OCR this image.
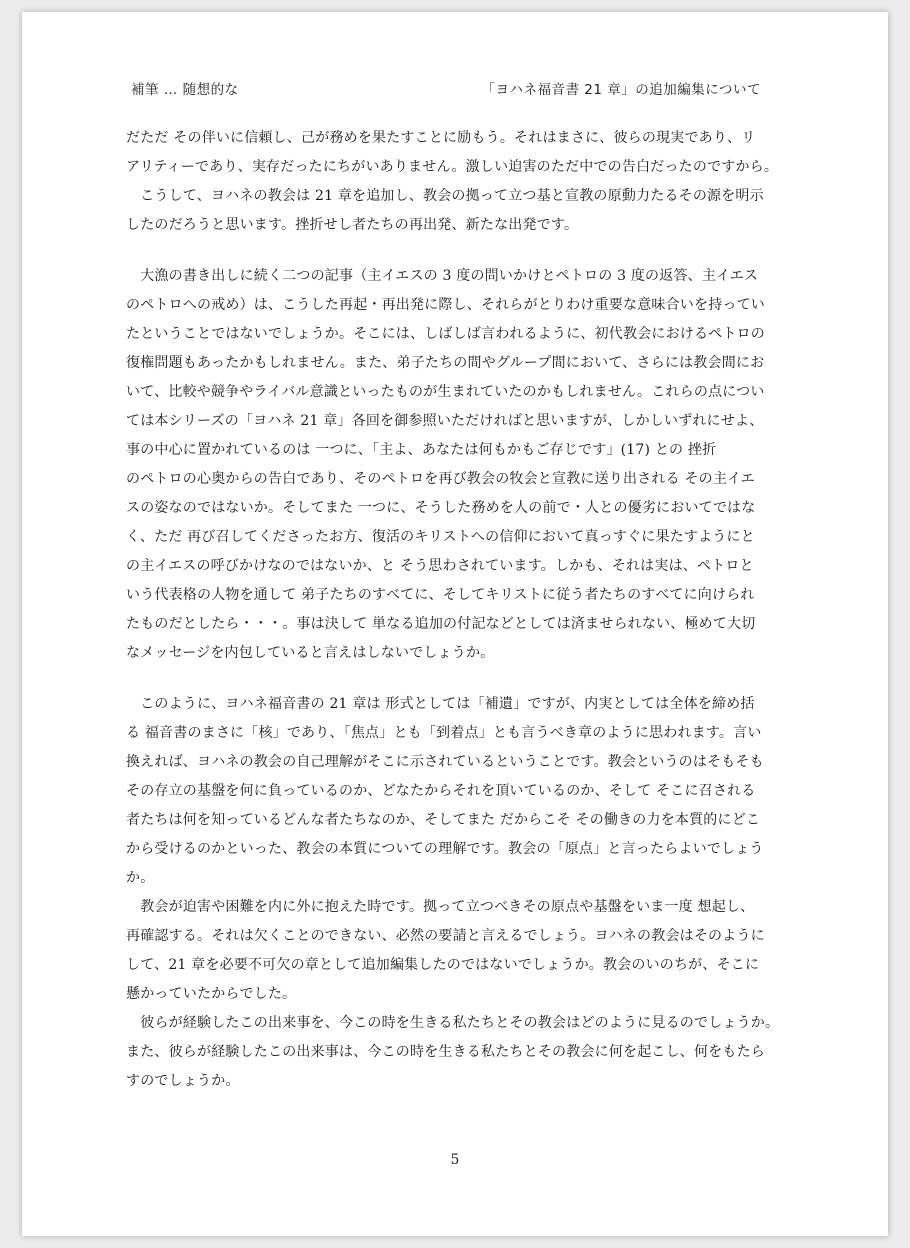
補筆 … 随想的な	「ヨハネ福音書 21 章」の追加編集について
だただ その伴いに信頼し、己が務めを果たすことに励もう。それはまさに、彼らの現実であり、リ
アリティーであり、実存だったにちがいありません。激しい迫害のただ中での告白だったのですから。
　こうして、ヨハネの教会は 21 章を追加し、教会の拠って立つ基と宣教の原動力たるその源を明示
したのだろうと思います。挫折せし者たちの再出発、新たな出発です。
　大漁の書き出しに続く二つの記事（主イエスの 3 度の問いかけとペトロの 3 度の返答、主イエス
のペトロへの戒め）は、こうした再起・再出発に際し、それらがとりわけ重要な意味合いを持ってい
たということではないでしょうか。そこには、しばしば言われるように、初代教会におけるペトロの
復権問題もあったかもしれません。また、弟子たちの間やグループ間において、さらには教会間にお
いて、比較や競争やライバル意識といったものが生まれていたのかもしれません。これらの点につい
ては本シリーズの「ヨハネ 21 章」各回を御参照いただければと思いますが、しかしいずれにせよ、
事の中心に置かれているのは 一つに、「主よ、あなたは何もかもご存じです」(17) との 挫折
のペトロの心奥からの告白であり、そのペトロを再び教会の牧会と宣教に送り出される その主イエ
スの姿なのではないか。そしてまた 一つに、そうした務めを人の前で・人との優劣においてではな
く、ただ 再び召してくださったお方、復活のキリストへの信仰において真っすぐに果たすようにと
の主イエスの呼びかけなのではないか、と そう思わされています。しかも、それは実は、ペトロと
いう代表格の人物を通して 弟子たちのすべてに、そしてキリストに従う者たちのすべてに向けられ
たものだとしたら・・・。事は決して 単なる追加の付記などとしては済ませられない、極めて大切
なメッセージを内包していると言えはしないでしょうか。
　このように、ヨハネ福音書の 21 章は 形式としては「補遺」ですが、内実としては全体を締め括
る 福音書のまさに「核」であり、「焦点」とも「到着点」とも言うべき章のように思われます。言い
換えれば、ヨハネの教会の自己理解がそこに示されているということです。教会というのはそもそも
その存立の基盤を何に負っているのか、どなたからそれを頂いているのか、そして そこに召される
者たちは何を知っているどんな者たちなのか、そしてまた だからこそ その働きの力を本質的にどこ
から受けるのかといった、教会の本質についての理解です。教会の「原点」と言ったらよいでしょう
か。
　教会が迫害や困難を内に外に抱えた時です。拠って立つべきその原点や基盤をいま一度 想起し、
再確認する。それは欠くことのできない、必然の要請と言えるでしょう。ヨハネの教会はそのように
して、21 章を必要不可欠の章として追加編集したのではないでしょうか。教会のいのちが、そこに
懸かっていたからでした。
　彼らが経験したこの出来事を、今この時を生きる私たちとその教会はどのように見るのでしょうか。
また、彼らが経験したこの出来事は、今この時を生きる私たちとその教会に何を起こし、何をもたら
すのでしょうか。
5
